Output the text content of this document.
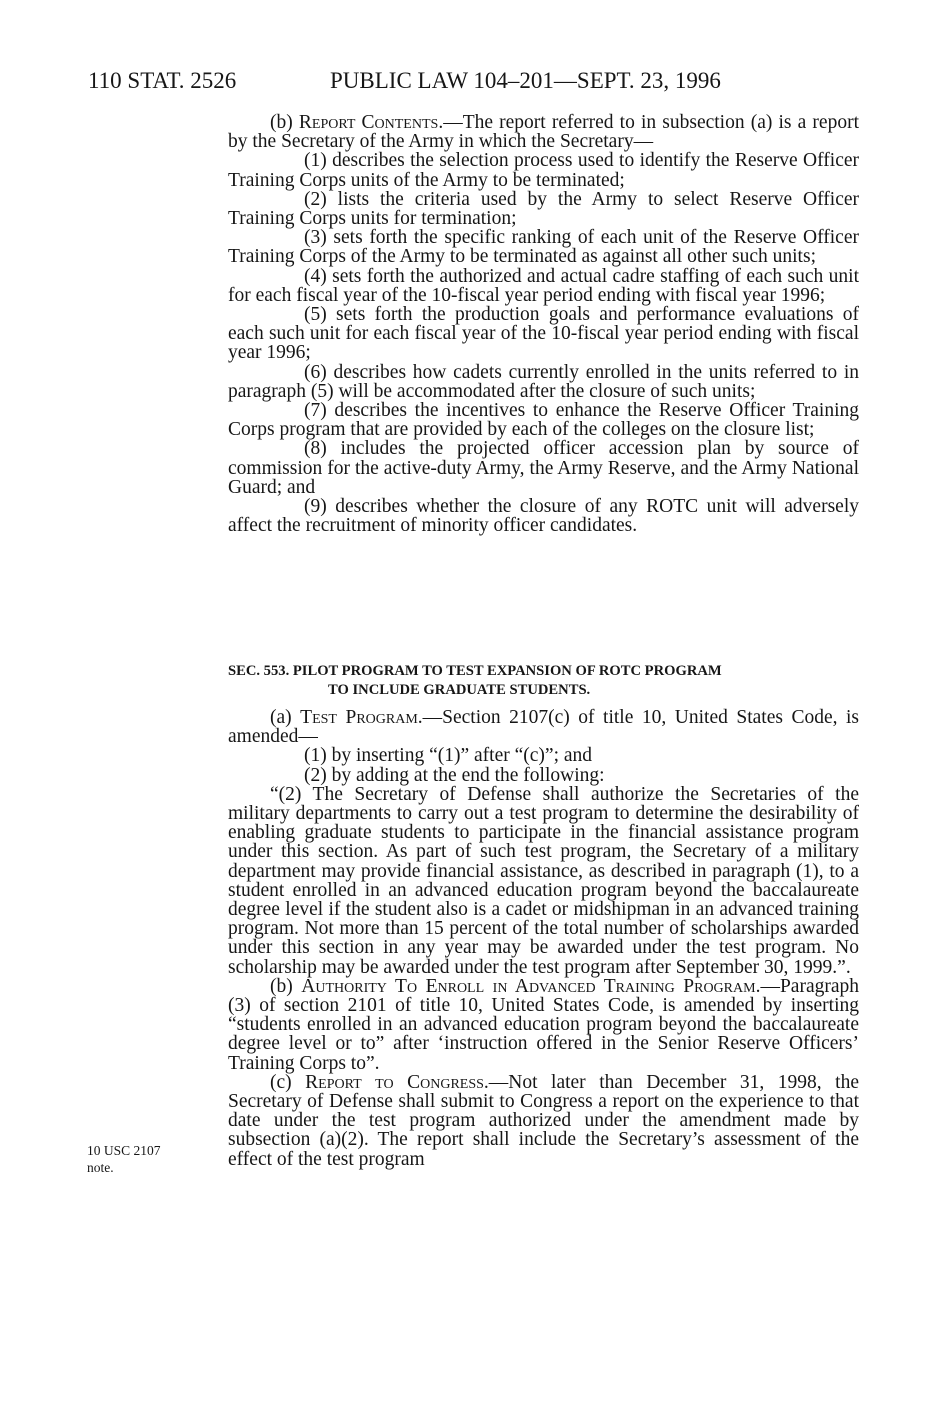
110 STAT. 2526	PUBLIC LAW 104–201—SEPT. 23, 1996

(b) Report Contents.—The report referred to in subsection (a) is a report by the Secretary of the Army in which the Secretary—

(1) describes the selection process used to identify the Reserve Officer Training Corps units of the Army to be terminated;

(2) lists the criteria used by the Army to select Reserve Officer Training Corps units for termination;

(3) sets forth the specific ranking of each unit of the Reserve Officer Training Corps of the Army to be terminated as against all other such units;

(4) sets forth the authorized and actual cadre staffing of each such unit for each fiscal year of the 10-fiscal year period ending with fiscal year 1996;

(5) sets forth the production goals and performance evaluations of each such unit for each fiscal year of the 10-fiscal year period ending with fiscal year 1996;

(6) describes how cadets currently enrolled in the units referred to in paragraph (5) will be accommodated after the closure of such units;

(7) describes the incentives to enhance the Reserve Officer Training Corps program that are provided by each of the colleges on the closure list;

(8) includes the projected officer accession plan by source of commission for the active-duty Army, the Army Reserve, and the Army National Guard; and

(9) describes whether the closure of any ROTC unit will adversely affect the recruitment of minority officer candidates.

SEC. 553. PILOT PROGRAM TO TEST EXPANSION OF ROTC PROGRAM
TO INCLUDE GRADUATE STUDENTS.

(a) Test Program.—Section 2107(c) of title 10, United States Code, is amended—

(1) by inserting “(1)” after “(c)”; and

(2) by adding at the end the following:

“(2) The Secretary of Defense shall authorize the Secretaries of the military departments to carry out a test program to determine the desirability of enabling graduate students to participate in the financial assistance program under this section. As part of such test program, the Secretary of a military department may provide financial assistance, as described in paragraph (1), to a student enrolled in an advanced education program beyond the baccalaureate degree level if the student also is a cadet or midshipman in an advanced training program. Not more than 15 percent of the total number of scholarships awarded under this section in any year may be awarded under the test program. No scholarship may be awarded under the test program after September 30, 1999.”.

(b) Authority To Enroll in Advanced Training Program.—Paragraph (3) of section 2101 of title 10, United States Code, is amended by inserting “students enrolled in an advanced education program beyond the baccalaureate degree level or to” after ‘instruction offered in the Senior Reserve Officers’ Training Corps to”.

(c) Report to Congress.—Not later than December 31, 1998, the Secretary of Defense shall submit to Congress a report on the experience to that date under the test program authorized under the amendment made by subsection (a)(2). The report shall include the Secretary’s assessment of the effect of the test program

10 USC 2107
note.
